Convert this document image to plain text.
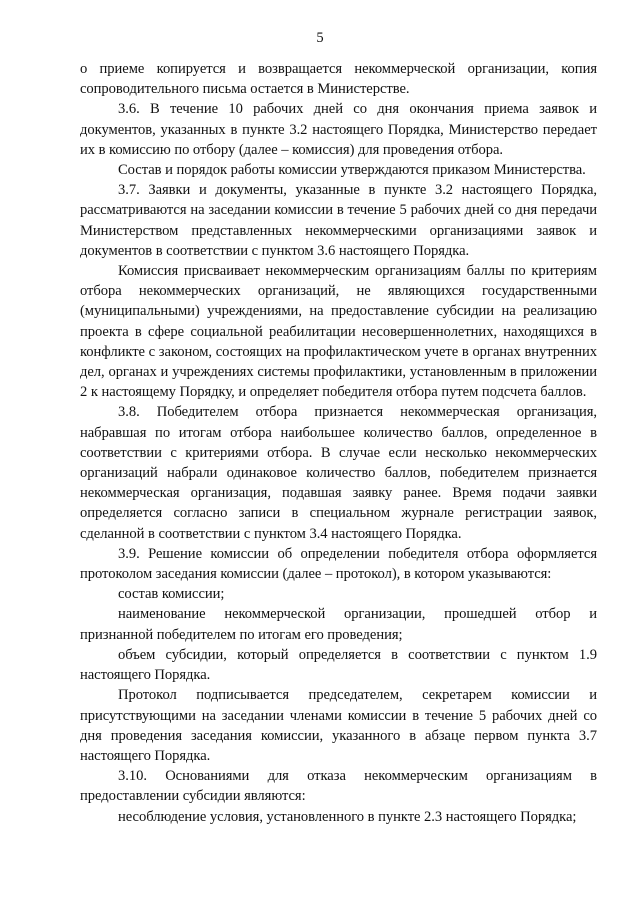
5

о приеме копируется и возвращается некоммерческой организации, копия сопроводительного письма остается в Министерстве.

3.6. В течение 10 рабочих дней со дня окончания приема заявок и документов, указанных в пункте 3.2 настоящего Порядка, Министерство передает их в комиссию по отбору (далее – комиссия) для проведения отбора.

Состав и порядок работы комиссии утверждаются приказом Министерства.

3.7. Заявки и документы, указанные в пункте 3.2 настоящего Порядка, рассматриваются на заседании комиссии в течение 5 рабочих дней со дня передачи Министерством представленных некоммерческими организациями заявок и документов в соответствии с пунктом 3.6 настоящего Порядка.

Комиссия присваивает некоммерческим организациям баллы по критериям отбора некоммерческих организаций, не являющихся государственными (муниципальными) учреждениями, на предоставление субсидии на реализацию проекта в сфере социальной реабилитации несовершеннолетних, находящихся в конфликте с законом, состоящих на профилактическом учете в органах внутренних дел, органах и учреждениях системы профилактики, установленным в приложении 2 к настоящему Порядку, и определяет победителя отбора путем подсчета баллов.

3.8. Победителем отбора признается некоммерческая организация, набравшая по итогам отбора наибольшее количество баллов, определенное в соответствии с критериями отбора. В случае если несколько некоммерческих организаций набрали одинаковое количество баллов, победителем признается некоммерческая организация, подавшая заявку ранее. Время подачи заявки определяется согласно записи в специальном журнале регистрации заявок, сделанной в соответствии с пунктом 3.4 настоящего Порядка.

3.9. Решение комиссии об определении победителя отбора оформляется протоколом заседания комиссии (далее – протокол), в котором указываются:

состав комиссии;

наименование некоммерческой организации, прошедшей отбор и признанной победителем по итогам его проведения;

объем субсидии, который определяется в соответствии с пунктом 1.9 настоящего Порядка.

Протокол подписывается председателем, секретарем комиссии и присутствующими на заседании членами комиссии в течение 5 рабочих дней со дня проведения заседания комиссии, указанного в абзаце первом пункта 3.7 настоящего Порядка.

3.10. Основаниями для отказа некоммерческим организациям в предоставлении субсидии являются:

несоблюдение условия, установленного в пункте 2.3 настоящего Порядка;
